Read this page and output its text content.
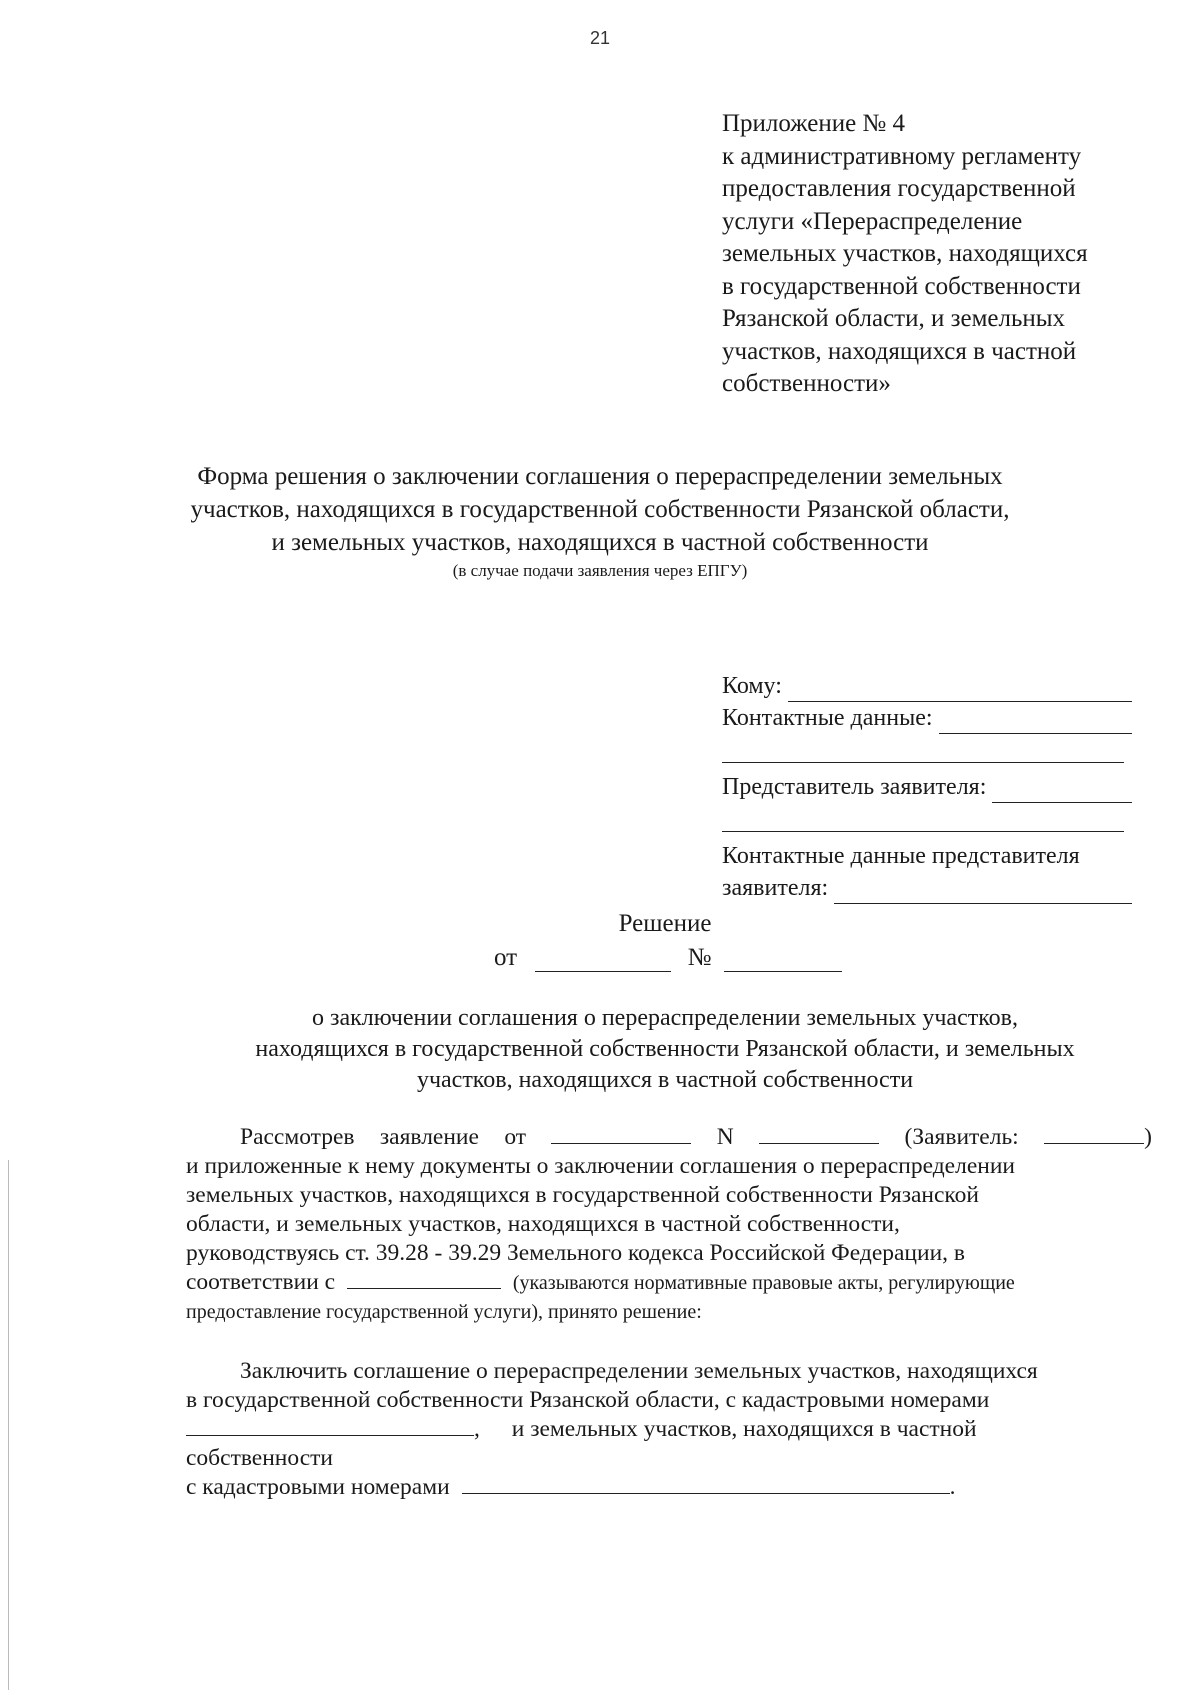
21
Приложение № 4
к административному регламенту
предоставления государственной
услуги «Перераспределение
земельных участков, находящихся
в государственной собственности
Рязанской области, и земельных
участков, находящихся в частной
собственности»
Форма решения о заключении соглашения о перераспределении земельных
участков, находящихся в государственной собственности Рязанской области,
и земельных участков, находящихся в частной собственности
(в случае подачи заявления через ЕПГУ)
Кому:
Контактные данные:
Представитель заявителя:
Контактные данные представителя
заявителя:
Решение
от	№
о заключении соглашения о перераспределении земельных участков,
находящихся в государственной собственности Рязанской области, и земельных
участков, находящихся в частной собственности
Рассмотрев заявление от	N	(Заявитель:	)
и приложенные к нему документы о заключении соглашения о перераспределении
земельных участков, находящихся в государственной собственности Рязанской
области, и земельных участков, находящихся в частной собственности,
руководствуясь ст. 39.28 - 39.29 Земельного кодекса Российской Федерации, в
соответствии с	(указываются нормативные правовые акты, регулирующие
предоставление государственной услуги), принято решение:
Заключить соглашение о перераспределении земельных участков, находящихся
в государственной собственности Рязанской области, с кадастровыми номерами
, и земельных участков, находящихся в частной
собственности
с кадастровыми номерами	.
